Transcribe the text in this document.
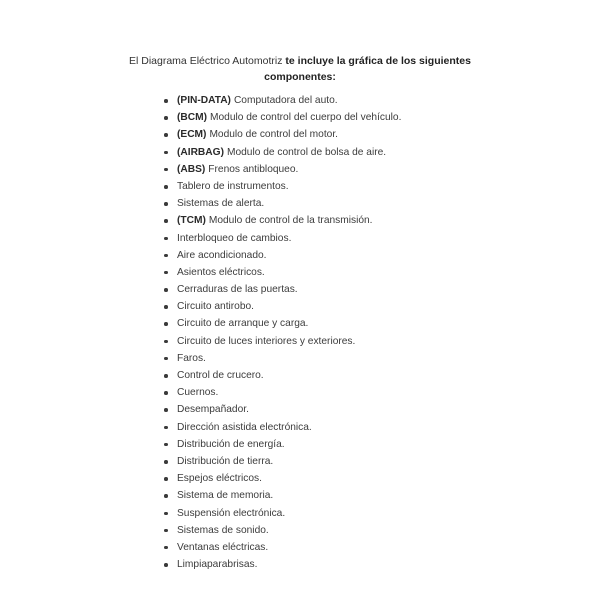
El Diagrama Eléctrico Automotriz te incluye la gráfica de los siguientes componentes:

(PIN-DATA) Computadora del auto.
(BCM) Modulo de control del cuerpo del vehículo.
(ECM) Modulo de control del motor.
(AIRBAG) Modulo de control de bolsa de aire.
(ABS) Frenos antibloqueo.
Tablero de instrumentos.
Sistemas de alerta.
(TCM) Modulo de control de la transmisión.
Interbloqueo de cambios.
Aire acondicionado.
Asientos eléctricos.
Cerraduras de las puertas.
Circuito antirobo.
Circuito de arranque y carga.
Circuito de luces interiores y exteriores.
Faros.
Control de crucero.
Cuernos.
Desempañador.
Dirección asistida electrónica.
Distribución de energía.
Distribución de tierra.
Espejos eléctricos.
Sistema de memoria.
Suspensión electrónica.
Sistemas de sonido.
Ventanas eléctricas.
Limpiaparabrisas.
